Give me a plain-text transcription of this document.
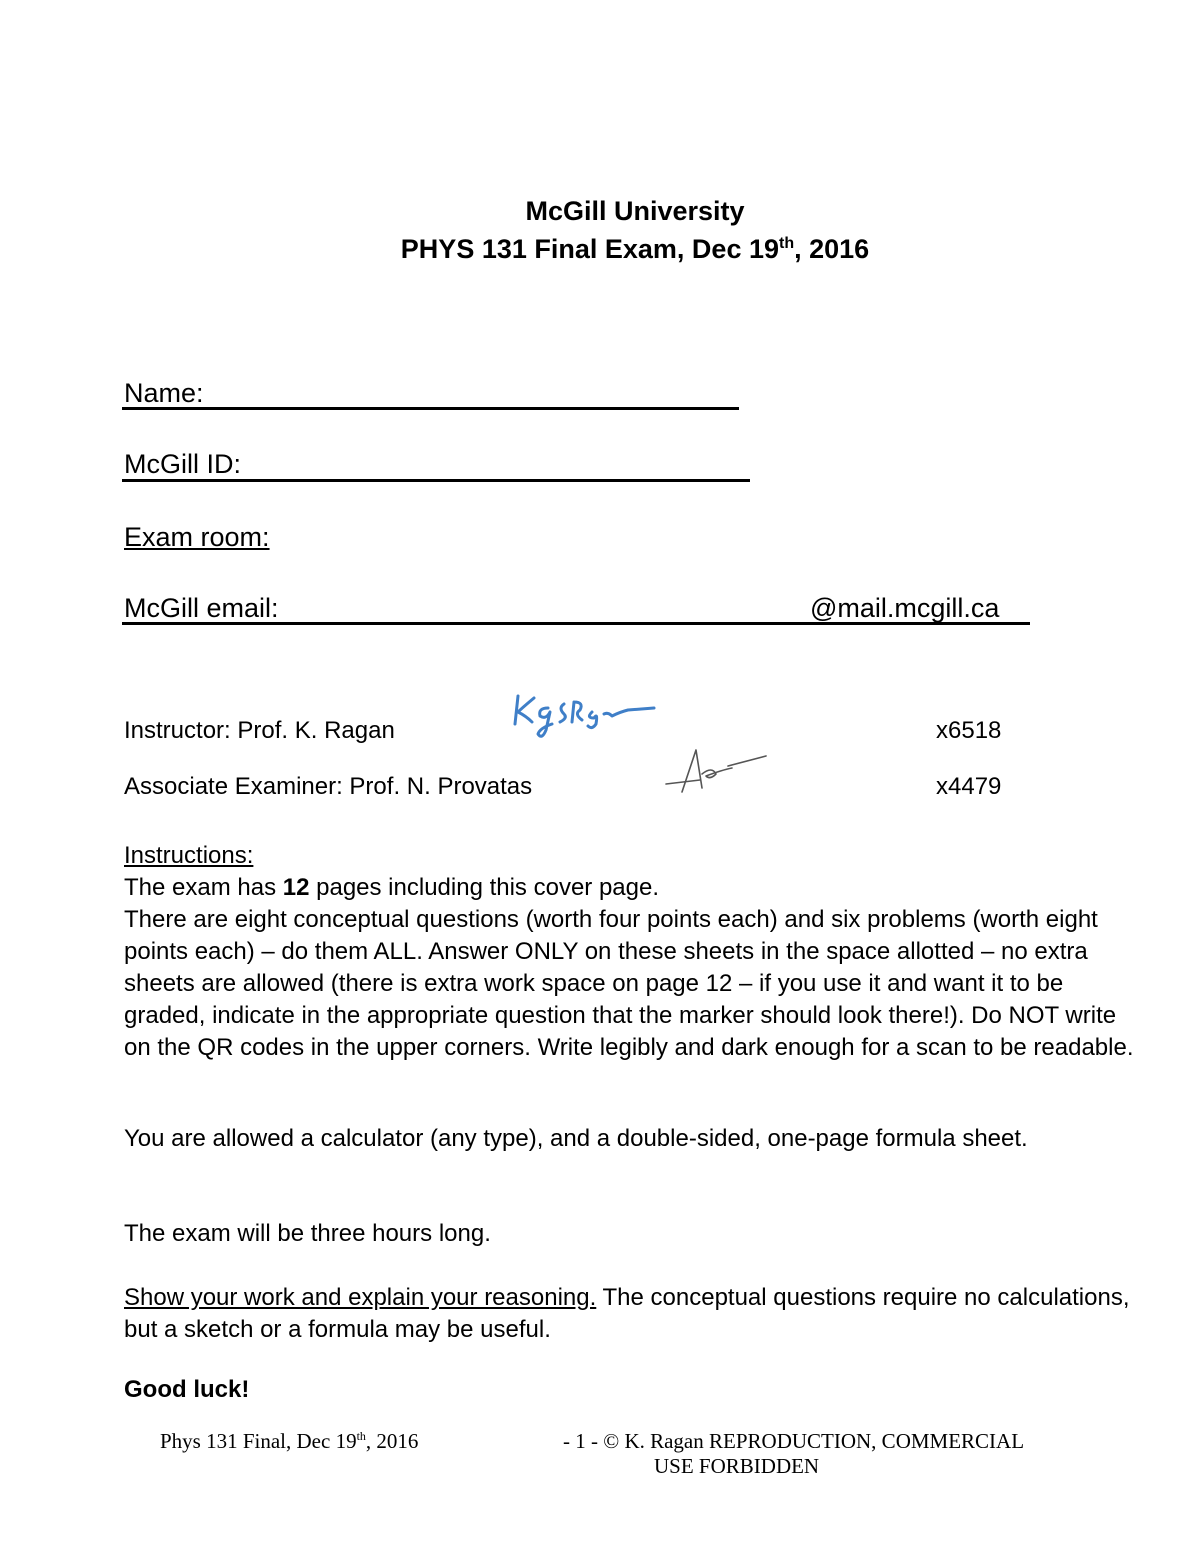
McGill University
PHYS 131 Final Exam, Dec 19th, 2016
Name:
McGill ID:
Exam room:
McGill email:	@mail.mcgill.ca
Instructor: Prof. K. Ragan	x6518
Associate Examiner: Prof. N. Provatas	x4479
Instructions:
The exam has 12 pages including this cover page.
There are eight conceptual questions (worth four points each) and six problems (worth eight points each) – do them ALL. Answer ONLY on these sheets in the space allotted – no extra sheets are allowed (there is extra work space on page 12 – if you use it and want it to be graded, indicate in the appropriate question that the marker should look there!). Do NOT write on the QR codes in the upper corners. Write legibly and dark enough for a scan to be readable.
You are allowed a calculator (any type), and a double-sided, one-page formula sheet.
The exam will be three hours long.
Show your work and explain your reasoning. The conceptual questions require no calculations, but a sketch or a formula may be useful.
Good luck!
Phys 131 Final, Dec 19th, 2016	- 1 - © K. Ragan REPRODUCTION, COMMERCIAL
USE FORBIDDEN
